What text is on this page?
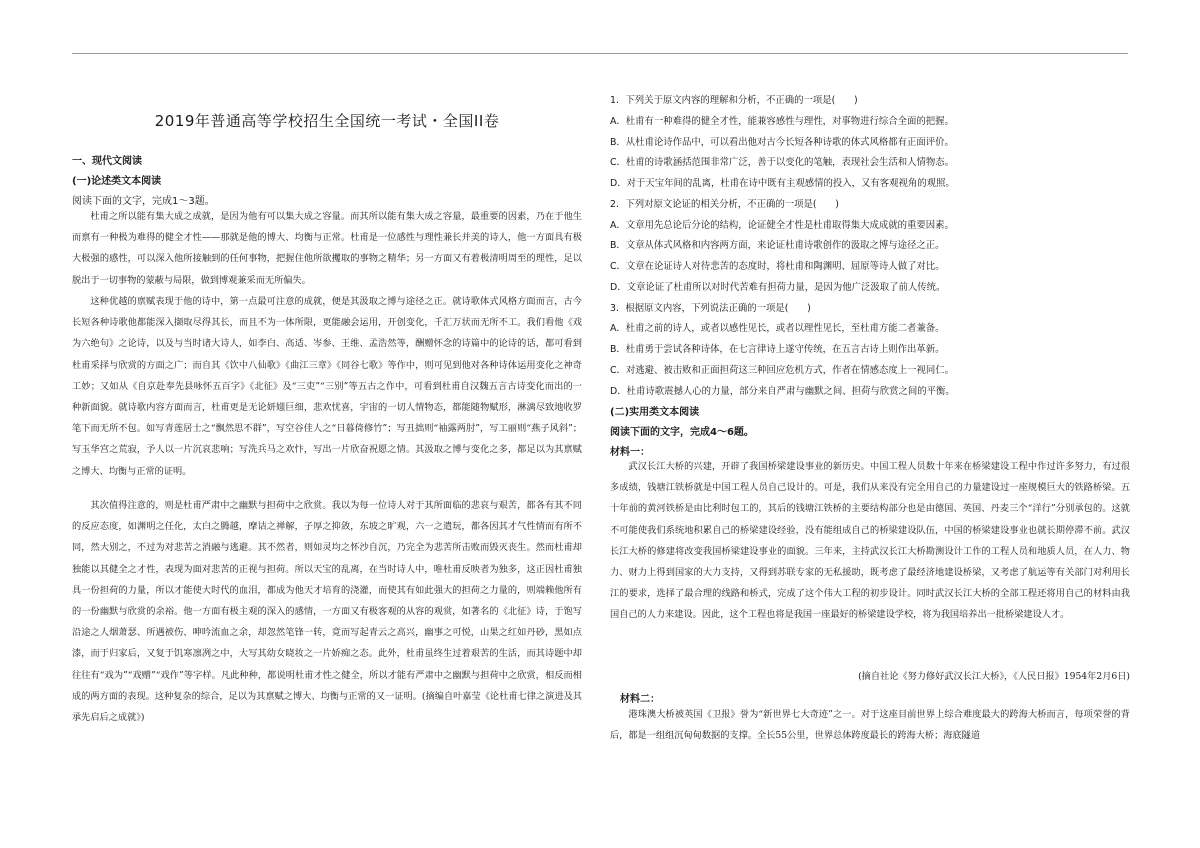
2019年普通高等学校招生全国统一考试・全国II卷
一、现代文阅读
(一)论述类文本阅读
阅读下面的文字，完成1〜3题。
杜甫之所以能有集大成之成就，是因为他有可以集大成之容量。而其所以能有集大成之容量，最重要的因素，乃在于他生而禀有一种极为难得的健全才性——那就是他的博大、均衡与正常。杜甫是一位感性与理性兼长并美的诗人，他一方面具有极大极强的感性，可以深入他所接触到的任何事物，把握住他所欲攫取的事物之精华；另一方面又有着极清明周至的理性，足以脱出于一切事物的蒙蔽与局限，做到博观兼采而无所偏失。
这种优越的禀赋表现于他的诗中，第一点最可注意的成就，便是其汲取之博与途径之正。就诗歌体式风格方面而言，古今长短各种诗歌他都能深入撷取尽得其长，而且不为一体所限，更能融会运用，开创变化，千汇万状而无所不工。我们看他《戏为六绝句》之论诗，以及与当时诸大诗人，如李白、高适、岑参、王维、孟浩然等，酬赠怀念的诗篇中的论诗的话，都可看到杜甫采择与欣赏的方面之广；而自其《饮中八仙歌》《曲江三章》《同谷七歌》等作中，则可见到他对各种诗体运用变化之神奇工妙；又如从《自京赴奉先县咏怀五百字》《北征》及“三吏”“三别”等五古之作中，可看到杜甫自汉魏五言古诗变化而出的一种新面貌。就诗歌内容方面而言，杜甫更是无论妍媸巨细，悲欢忧喜，宇宙的一切人情物态，都能随物赋形，淋漓尽致地收罗笔下而无所不包。如写青莲居士之“飘然思不群”，写空谷佳人之“日暮倚修竹”；写丑拙则“袖露两肘”，写工丽则“燕子风斜”；写玉华宫之荒寂，予人以一片沉哀悲响；写洗兵马之欢忭，写出一片欣奋祝愿之情。其汲取之博与变化之多，都足以为其禀赋之博大、均衡与正常的证明。
其次值得注意的，则是杜甫严肃中之幽默与担荷中之欣赏。我以为每一位诗人对于其所面临的悲哀与艰苦，都各有其不同的反应态度，如渊明之任化，太白之腾越，摩诘之禅解，子厚之抑敛，东坡之旷观，六一之遣玩，都各因其才气性情而有所不同，然大别之，不过为对悲苦之消融与逃避。其不然者，则如灵均之怀沙自沉，乃完全为悲苦所击败而毁灭丧生。然而杜甫却独能以其健全之才性，表现为面对悲苦的正视与担荷。所以天宝的乱离，在当时诗人中，唯杜甫反映者为独多，这正因杜甫独具一份担荷的力量，所以才能使大时代的血泪，都成为他天才培育的浇灌，而使其有如此强大的担荷之力量的，则端赖他所有的一份幽默与欣赏的余裕。他一方面有极主观的深入的感情，一方面又有极客观的从容的观赏，如著名的《北征》诗，于饱写沿途之人烟萧瑟、所遇被伤、呻吟流血之余，却忽然笔锋一转，竟而写起青云之高兴，幽事之可悦，山果之红如丹砂，黑如点漆，而于归家后，又复于饥寒凛冽之中，大写其幼女晓妆之一片娇痴之态。此外，杜甫虽终生过着艰苦的生活，而其诗题中却往往有“戏为”“戏赠”“戏作”等字样。凡此种种，都说明杜甫才性之健全，所以才能有严肃中之幽默与担荷中之欣赏，相反而相成的两方面的表现。这种复杂的综合，足以为其禀赋之博大、均衡与正常的又一证明。(摘编自叶嘉莹《论杜甫七律之演进及其承先启后之成就》)
1．下列关于原文内容的理解和分析，不正确的一项是(　　)
A．杜甫有一种难得的健全才性，能兼容感性与理性，对事物进行综合全面的把握。
B．从杜甫论诗作品中，可以看出他对古今长短各种诗歌的体式风格都有正面评价。
C．杜甫的诗歌涵括范围非常广泛，善于以变化的笔触，表现社会生活和人情物态。
D．对于天宝年间的乱离，杜甫在诗中既有主观感情的投入，又有客观视角的观照。
2．下列对原文论证的相关分析，不正确的一项是(　　)
A．文章用先总论后分论的结构，论证健全才性是杜甫取得集大成成就的重要因素。
B．文章从体式风格和内容两方面，来论证杜甫诗歌创作的汲取之博与途径之正。
C．文章在论证诗人对待悲苦的态度时，将杜甫和陶渊明、屈原等诗人做了对比。
D．文章论证了杜甫所以对时代苦难有担荷力量，是因为他广泛汲取了前人传统。
3．根据原文内容，下列说法正确的一项是(　　)
A．杜甫之前的诗人，或者以感性见长，或者以理性见长，至杜甫方能二者兼备。
B．杜甫勇于尝试各种诗体，在七言律诗上遂守传统，在五言古诗上则作出革新。
C．对逃避、被击败和正面担荷这三种回应危机方式，作者在情感态度上一视同仁。
D．杜甫诗歌震撼人心的力量，部分来自严肃与幽默之间、担荷与欣赏之间的平衡。
(二)实用类文本阅读
阅读下面的文字，完成4〜6题。
材料一：
武汉长江大桥的兴建，开辟了我国桥梁建设事业的新历史。中国工程人员数十年来在桥梁建设工程中作过许多努力，有过很多成绩，钱塘江铁桥就是中国工程人员自己设计的。可是，我们从来没有完全用自己的力量建设过一座规模巨大的铁路桥梁。五十年前的黄河铁桥是由比利时包工的，其后的钱塘江铁桥的主要结构部分也是由德国、英国、丹麦三个“洋行”分别承包的。这就不可能使我们系统地积累自己的桥梁建设经验，没有能组成自己的桥梁建设队伍，中国的桥梁建设事业也就长期停滞不前。武汉长江大桥的修建将改变我国桥梁建设事业的面貌。三年来，主持武汉长江大桥勘测设计工作的工程人员和地质人员，在人力、物力、财力上得到国家的大力支持，又得到苏联专家的无私援助，既考虑了最经济地建设桥梁，又考虑了航运等有关部门对利用长江的要求，选择了最合理的线路和桥式，完成了这个伟大工程的初步设计。同时武汉长江大桥的全部工程还将用自己的材料由我国自己的人力来建设。因此，这个工程也将是我国一座最好的桥梁建设学校，将为我国培养出一批桥梁建设人才。
(摘自社论《努力修好武汉长江大桥》，《人民日报》1954年2月6日)
材料二：
港珠澳大桥被英国《卫报》誉为“新世界七大奇迹”之一。对于这座目前世界上综合难度最大的跨海大桥而言，每项荣誉的背后，都是一组组沉甸甸数据的支撑。全长55公里，世界总体跨度最长的跨海大桥；海底隧道
